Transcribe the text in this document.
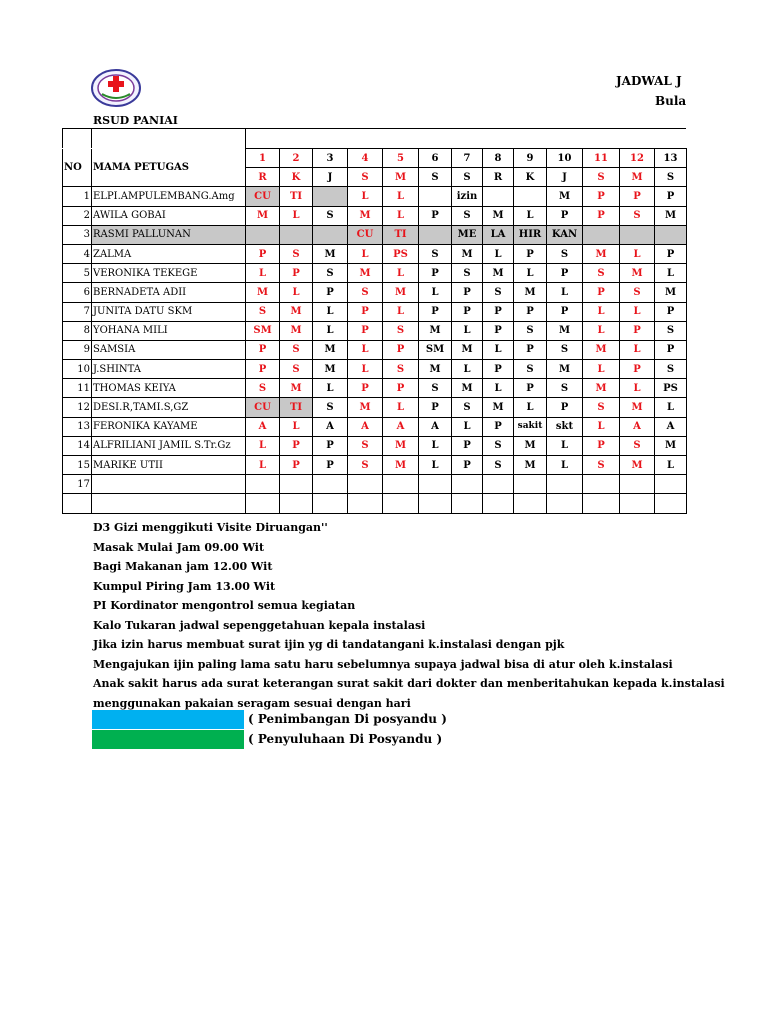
JADWAL J
Bula
RSUD PANIAI
NO	MAMA PETUGAS	1	2	3	4	5	6	7	8	9	10	11	12	13
		R	K	J	S	M	S	S	R	K	J	S	M	S
1	ELPI.AMPULEMBANG.Amg	CU	TI		L	L		izin			M	P	P	P
2	AWILA GOBAI	M	L	S	M	L	P	S	M	L	P	P	S	M
3	RASMI PALLUNAN				CU	TI		ME	LA	HIR	KAN			
4	ZALMA	P	S	M	L	PS	S	M	L	P	S	M	L	P
5	VERONIKA TEKEGE	L	P	S	M	L	P	S	M	L	P	S	M	L
6	BERNADETA ADII	M	L	P	S	M	L	P	S	M	L	P	S	M
7	JUNITA DATU SKM	S	M	L	P	L	P	P	P	P	P	L	L	P
8	YOHANA MILI	SM	M	L	P	S	M	L	P	S	M	L	P	S
9	SAMSIA	P	S	M	L	P	SM	M	L	P	S	M	L	P
10	J.SHINTA	P	S	M	L	S	M	L	P	S	M	L	P	S
11	THOMAS KEIYA	S	M	L	P	P	S	M	L	P	S	M	L	PS
12	DESI.R,TAMI.S,GZ	CU	TI	S	M	L	P	S	M	L	P	S	M	L
13	FERONIKA KAYAME	A	L	A	A	A	A	L	P	sakit	skt	L	A	A
14	ALFRILIANI JAMIL S.Tr.Gz	L	P	P	S	M	L	P	S	M	L	P	S	M
15	MARIKE UTII	L	P	P	S	M	L	P	S	M	L	S	M	L
17														

D3 Gizi menggikuti Visite Diruangan''
Masak Mulai Jam 09.00 Wit
Bagi Makanan jam 12.00 Wit
Kumpul Piring Jam 13.00 Wit
PI Kordinator mengontrol semua kegiatan
Kalo Tukaran jadwal sepenggetahuan kepala instalasi
Jika izin harus membuat surat ijin yg di tandatangani k.instalasi dengan pjk
Mengajukan ijin paling lama satu haru sebelumnya supaya jadwal bisa di atur oleh k.instalasi
Anak sakit harus ada surat keterangan surat sakit dari dokter dan menberitahukan kepada k.instalasi
menggunakan pakaian seragam sesuai dengan hari
( Penimbangan Di posyandu )
( Penyuluhaan Di Posyandu )
